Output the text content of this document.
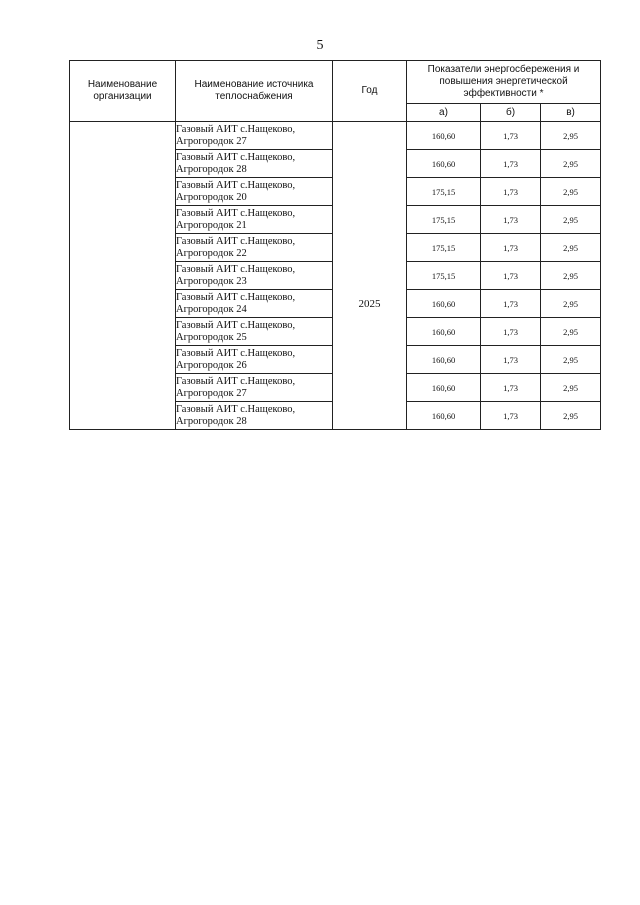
5
Наименование организации	Наименование источника теплоснабжения	Год	Показатели энергосбережения и повышения энергетической эффективности *		
			а)	б)	в)
	Газовый АИТ с.Нащеково,
Агрогородок 27		160,60	1,73	2,95
	Газовый АИТ с.Нащеково,
Агрогородок 28		160,60	1,73	2,95
	Газовый АИТ с.Нащеково,
Агрогородок 20	2025	175,15	1,73	2,95
	Газовый АИТ с.Нащеково,
Агрогородок 21		175,15	1,73	2,95
	Газовый АИТ с.Нащеково,
Агрогородок 22		175,15	1,73	2,95
	Газовый АИТ с.Нащеково,
Агрогородок 23		175,15	1,73	2,95
	Газовый АИТ с.Нащеково,
Агрогородок 24		160,60	1,73	2,95
	Газовый АИТ с.Нащеково,
Агрогородок 25		160,60	1,73	2,95
	Газовый АИТ с.Нащеково,
Агрогородок 26		160,60	1,73	2,95
	Газовый АИТ с.Нащеково,
Агрогородок 27		160,60	1,73	2,95
	Газовый АИТ с.Нащеково,
Агрогородок 28		160,60	1,73	2,95
